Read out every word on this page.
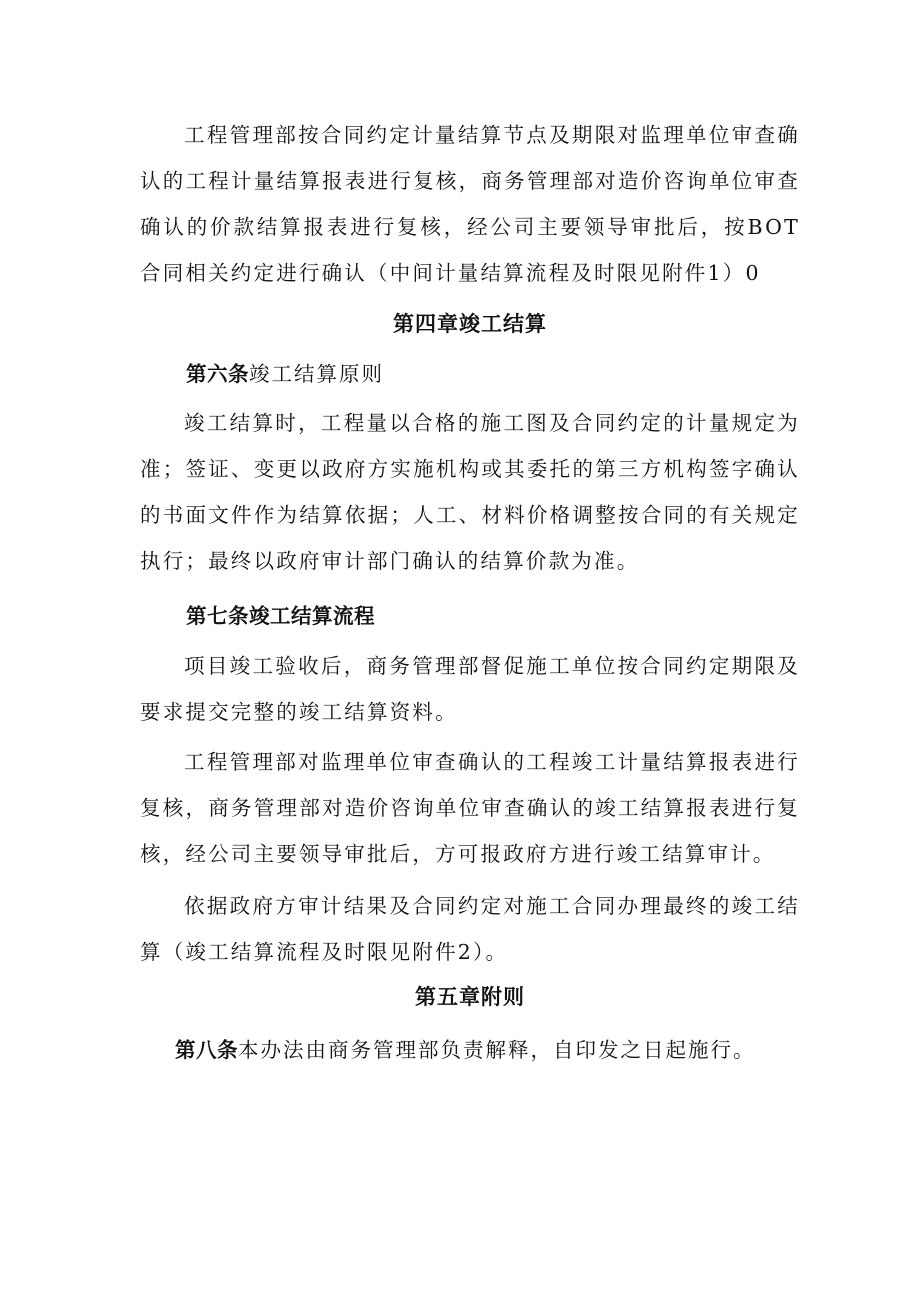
工程管理部按合同约定计量结算节点及期限对监理单位审查确认的工程计量结算报表进行复核，商务管理部对造价咨询单位审查确认的价款结算报表进行复核，经公司主要领导审批后，按BOT合同相关约定进行确认（中间计量结算流程及时限见附件1）0

第四章竣工结算

第六条竣工结算原则

竣工结算时，工程量以合格的施工图及合同约定的计量规定为准；签证、变更以政府方实施机构或其委托的第三方机构签字确认的书面文件作为结算依据；人工、材料价格调整按合同的有关规定执行；最终以政府审计部门确认的结算价款为准。

第七条竣工结算流程

项目竣工验收后，商务管理部督促施工单位按合同约定期限及要求提交完整的竣工结算资料。

工程管理部对监理单位审查确认的工程竣工计量结算报表进行复核，商务管理部对造价咨询单位审查确认的竣工结算报表进行复核，经公司主要领导审批后，方可报政府方进行竣工结算审计。

依据政府方审计结果及合同约定对施工合同办理最终的竣工结算（竣工结算流程及时限见附件2）。

第五章附则

第八条本办法由商务管理部负责解释，自印发之日起施行。
